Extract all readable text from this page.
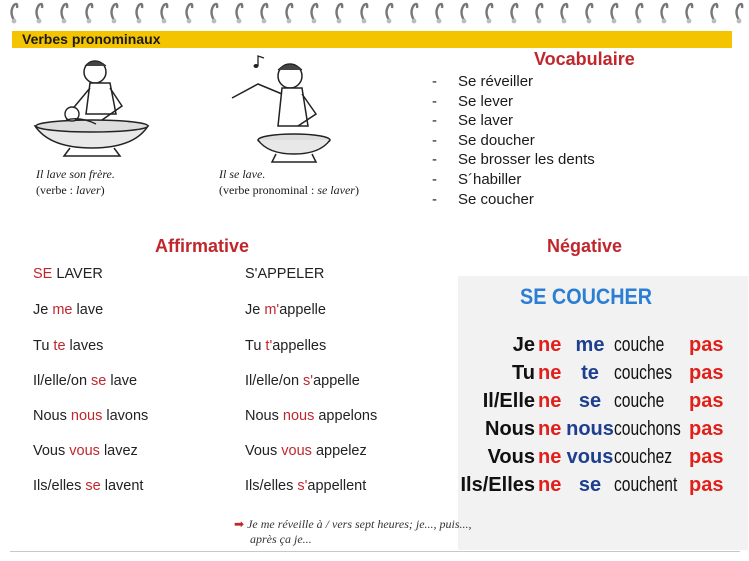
Verbes pronominaux
Il lave son frère.
(verbe : laver)
Il se lave.
(verbe pronominal : se laver)
Vocabulaire
- Se réveiller
- Se lever
- Se laver
- Se doucher
- Se brosser les dents
- S´habiller
- Se coucher
Affirmative
SE LAVER
Je me lave
Tu te laves
Il/elle/on se lave
Nous nous lavons
Vous vous lavez
Ils/elles se lavent
S'APPELER
Je m'appelle
Tu t'appelles
Il/elle/on s'appelle
Nous nous appelons
Vous vous appelez
Ils/elles s'appellent
Négative
SE COUCHER
Je ne me couche pas
Tu ne te couches pas
Il/Elle ne se couche pas
Nous ne nous couchons pas
Vous ne vous couchez pas
Ils/Elles ne se couchent pas
➡ Je me réveille à / vers sept heures; je..., puis...,
après ça je...
